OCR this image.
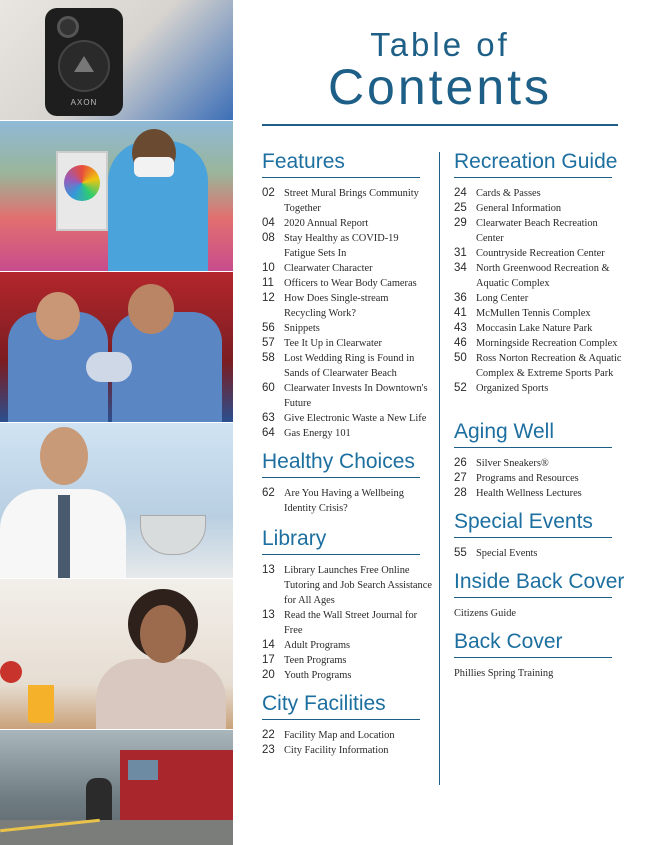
AXON
Table of
Contents
Features
02 Street Mural Brings Community Together
04 2020 Annual Report
08 Stay Healthy as COVID-19 Fatigue Sets In
10 Clearwater Character
11 Officers to Wear Body Cameras
12 How Does Single-stream Recycling Work?
56 Snippets
57 Tee It Up in Clearwater
58 Lost Wedding Ring is Found in Sands of Clearwater Beach
60 Clearwater Invests In Downtown's Future
63 Give Electronic Waste a New Life
64 Gas Energy 101
Healthy Choices
62 Are You Having a Wellbeing Identity Crisis?
Library
13 Library Launches Free Online Tutoring and Job Search Assistance for All Ages
13 Read the Wall Street Journal for Free
14 Adult Programs
17 Teen Programs
20 Youth Programs
City Facilities
22 Facility Map and Location
23 City Facility Information
Recreation Guide
24 Cards & Passes
25 General Information
29 Clearwater Beach Recreation Center
31 Countryside Recreation Center
34 North Greenwood Recreation & Aquatic Complex
36 Long Center
41 McMullen Tennis Complex
43 Moccasin Lake Nature Park
46 Morningside Recreation Complex
50 Ross Norton Recreation & Aquatic Complex & Extreme Sports Park
52 Organized Sports
Aging Well
26 Silver Sneakers®
27 Programs and Resources
28 Health Wellness Lectures
Special Events
55 Special Events
Inside Back Cover
Citizens Guide
Back Cover
Phillies Spring Training
